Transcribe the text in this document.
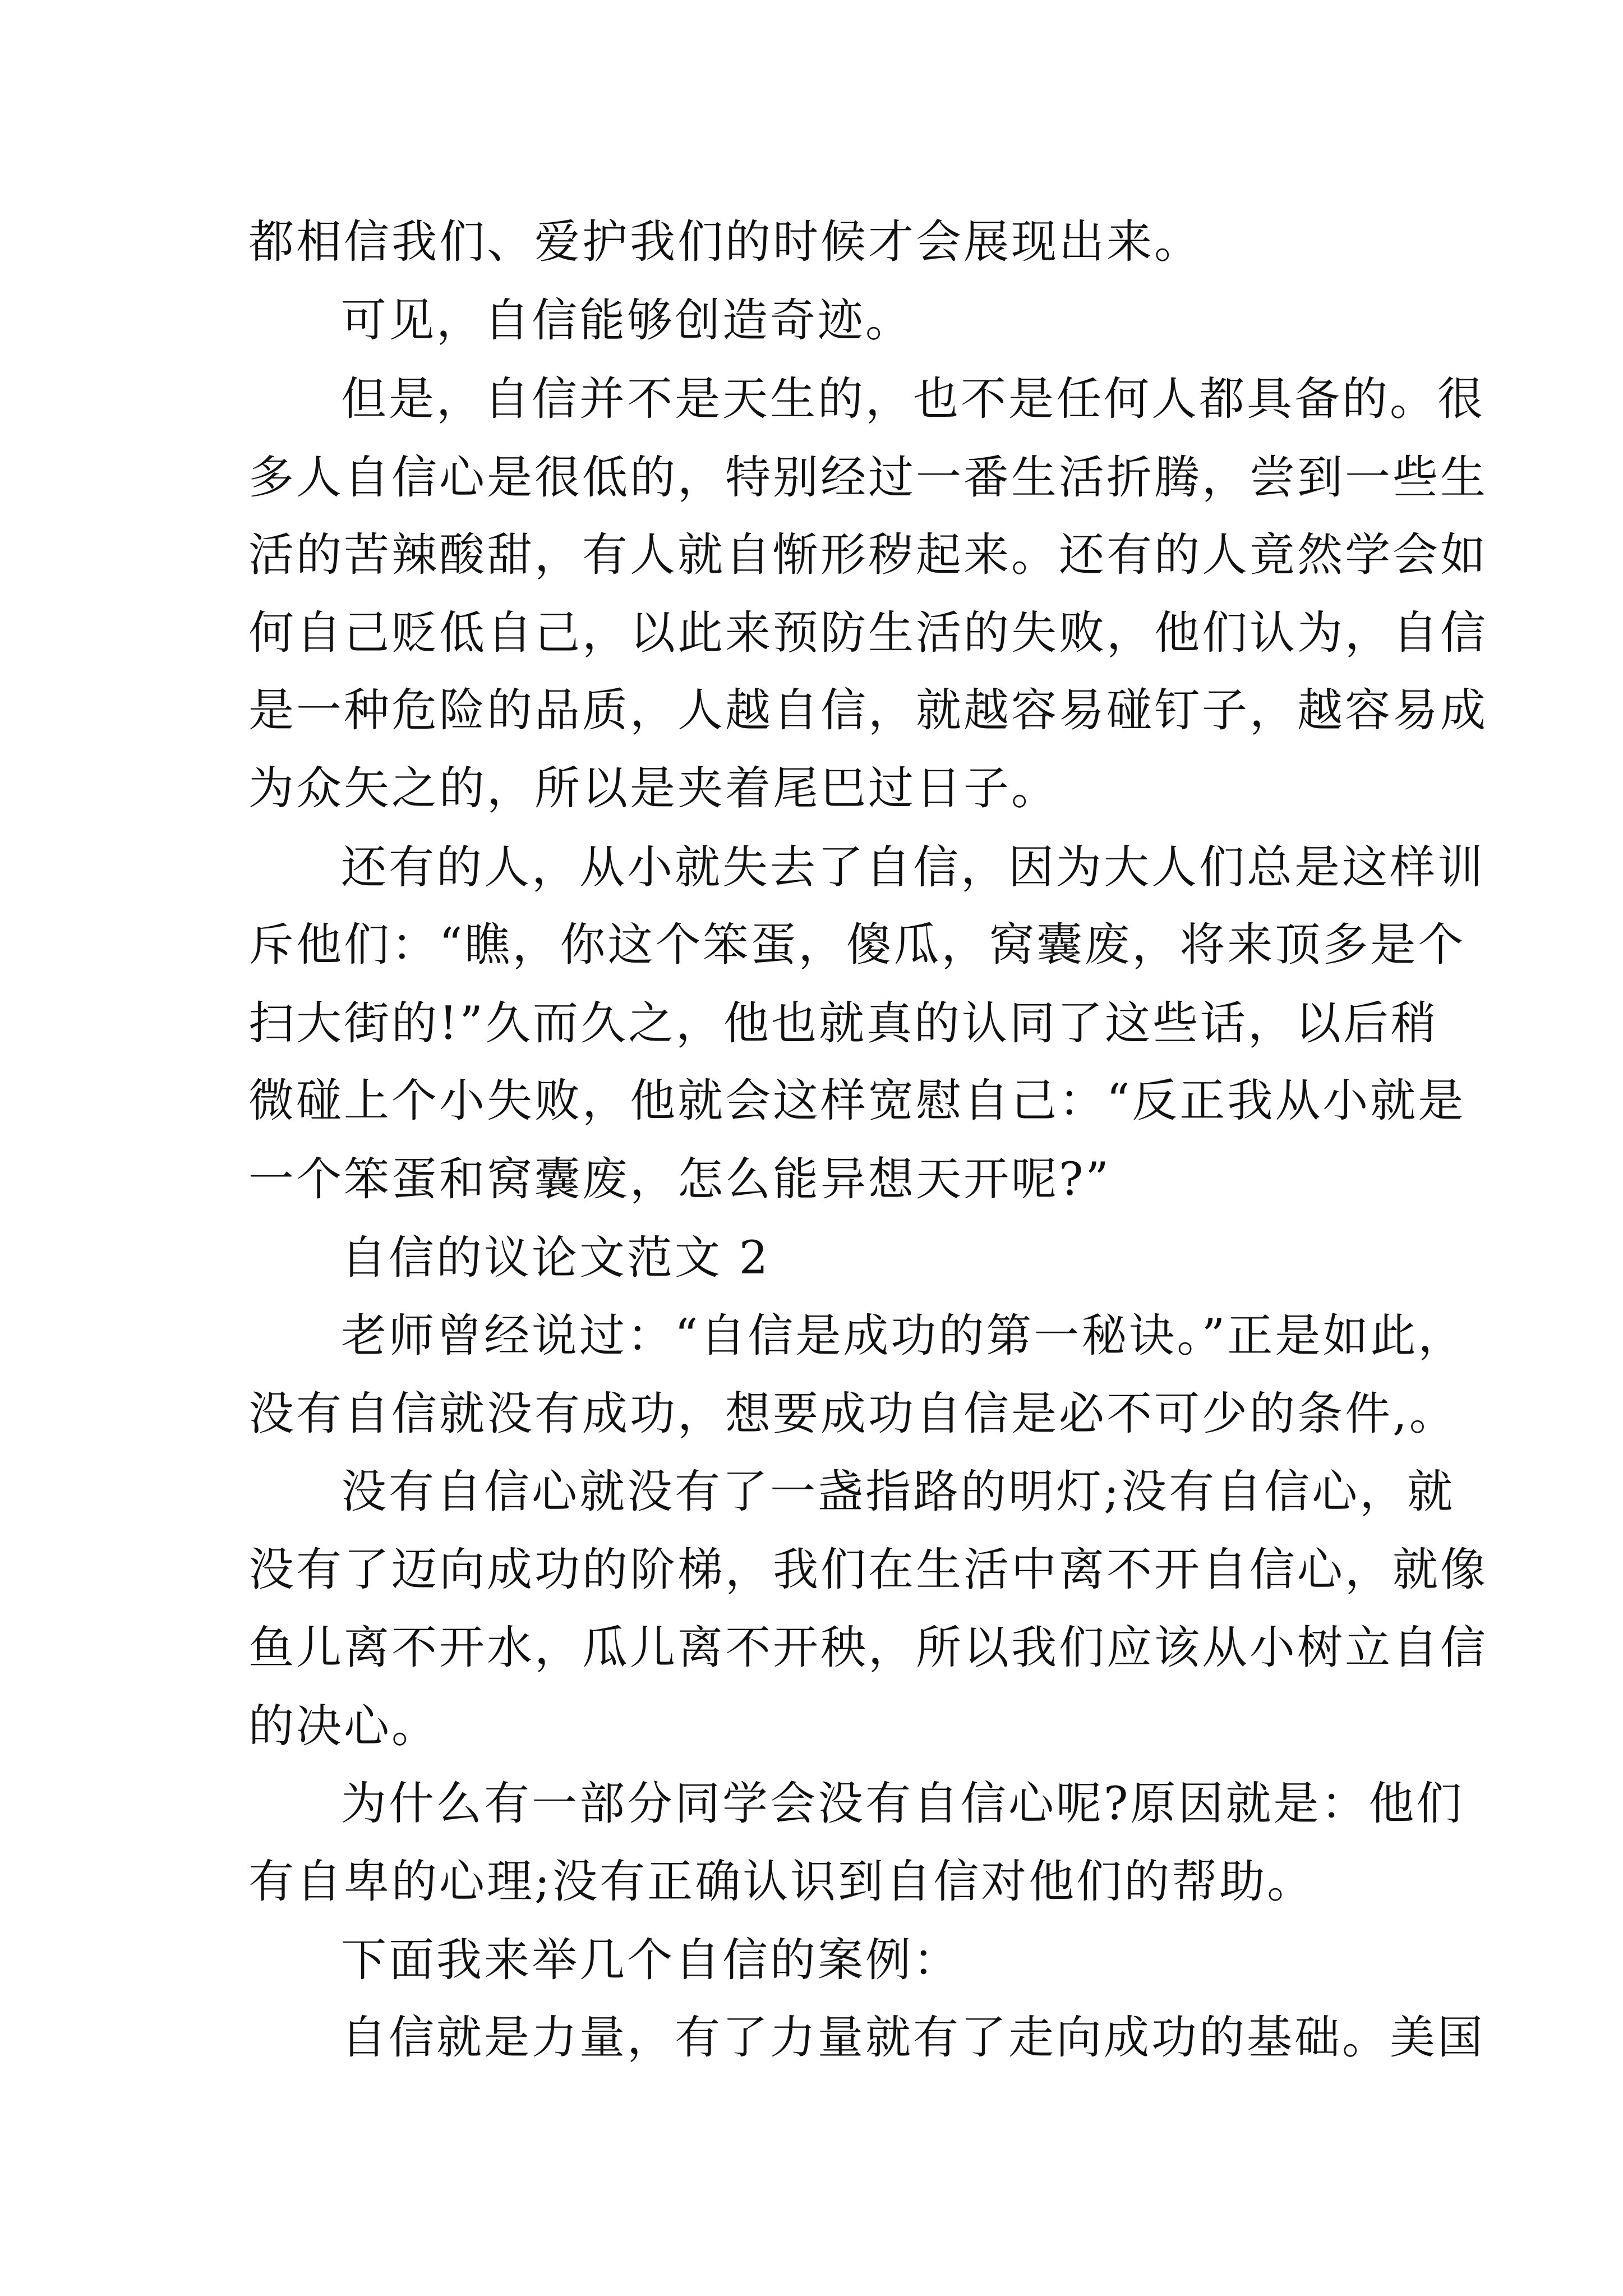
都相信我们、爱护我们的时候才会展现出来。
可见，自信能够创造奇迹。
但是，自信并不是天生的，也不是任何人都具备的。很
多人自信心是很低的，特别经过一番生活折腾，尝到一些生
活的苦辣酸甜，有人就自惭形秽起来。还有的人竟然学会如
何自己贬低自己，以此来预防生活的失败，他们认为，自信
是一种危险的品质，人越自信，就越容易碰钉子，越容易成
为众矢之的，所以是夹着尾巴过日子。
还有的人，从小就失去了自信，因为大人们总是这样训
斥他们：“瞧，你这个笨蛋，傻瓜，窝囊废，将来顶多是个
扫大街的!”久而久之，他也就真的认同了这些话，以后稍
微碰上个小失败，他就会这样宽慰自己：“反正我从小就是
一个笨蛋和窝囊废，怎么能异想天开呢?”
自信的议论文范文 2
老师曾经说过：“自信是成功的第一秘诀。”正是如此，
没有自信就没有成功，想要成功自信是必不可少的条件,。
没有自信心就没有了一盏指路的明灯;没有自信心，就
没有了迈向成功的阶梯，我们在生活中离不开自信心，就像
鱼儿离不开水，瓜儿离不开秧，所以我们应该从小树立自信
的决心。
为什么有一部分同学会没有自信心呢?原因就是：他们
有自卑的心理;没有正确认识到自信对他们的帮助。
下面我来举几个自信的案例：
自信就是力量，有了力量就有了走向成功的基础。美国
